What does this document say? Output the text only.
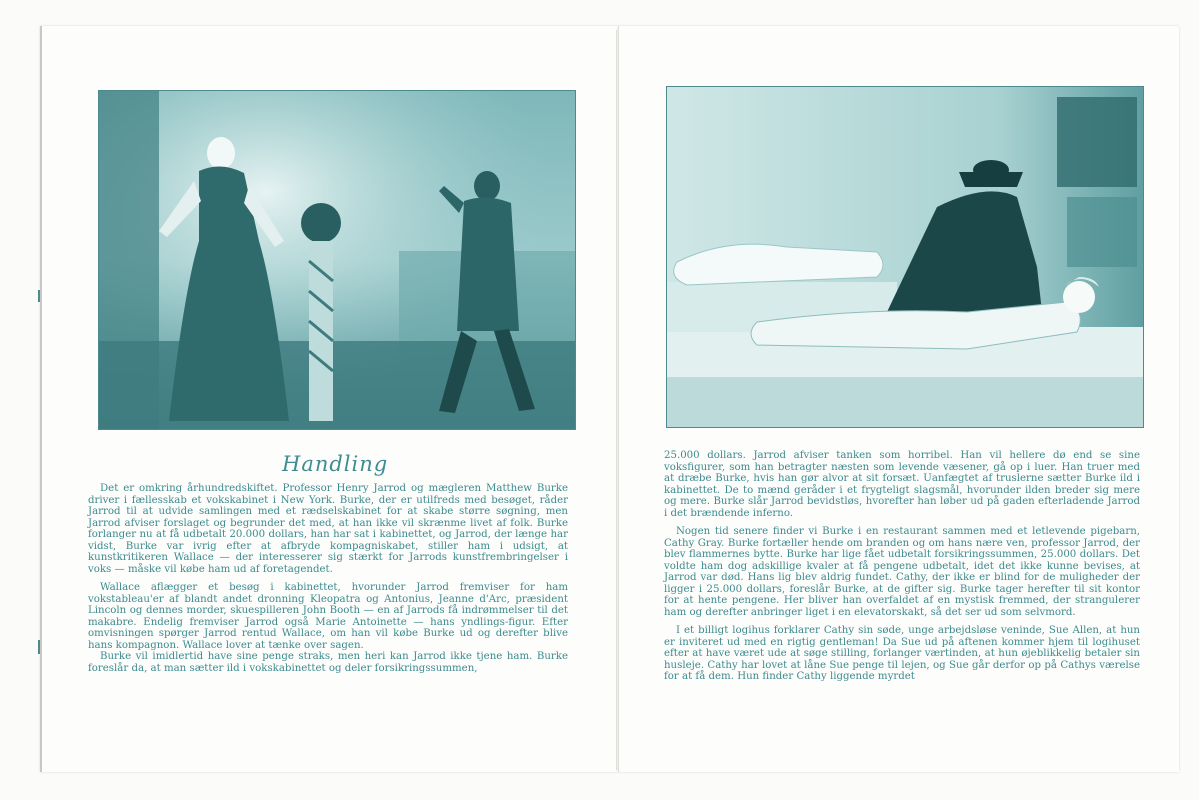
Handling

Det er omkring århundredskiftet. Professor Henry Jarrod og mægleren Matthew Burke driver i fællesskab et vokskabinet i New York. Burke, der er utilfreds med besøget, råder Jarrod til at udvide samlingen med et rædselskabinet for at skabe større søgning, men Jarrod afviser forslaget og begrunder det med, at han ikke vil skrænme livet af folk. Burke forlanger nu at få udbetalt 20.000 dollars, han har sat i kabinettet, og Jarrod, der længe har vidst, Burke var ivrig efter at afbryde kompagniskabet, stiller ham i udsigt, at kunstkritikeren Wallace — der interesserer sig stærkt for Jarrods kunstfrembringelser i voks — måske vil købe ham ud af foretagendet.

Wallace aflægger et besøg i kabinettet, hvorunder Jarrod fremviser for ham vokstableau'er af blandt andet dronning Kleopatra og Antonius, Jeanne d'Arc, præsident Lincoln og dennes morder, skuespilleren John Booth — en af Jarrods få indrømmelser til det makabre. Endelig fremviser Jarrod også Marie Antoinette — hans yndlings-figur. Efter omvisningen spørger Jarrod rentud Wallace, om han vil købe Burke ud og derefter blive hans kompagnon. Wallace lover at tænke over sagen.

Burke vil imidlertid have sine penge straks, men heri kan Jarrod ikke tjene ham. Burke foreslår da, at man sætter ild i vokskabinettet og deler forsikringssummen,

25.000 dollars. Jarrod afviser tanken som horribel. Han vil hellere dø end se sine voksfigurer, som han betragter næsten som levende væsener, gå op i luer. Han truer med at dræbe Burke, hvis han gør alvor at sit forsæt. Uanfægtet af truslerne sætter Burke ild i kabinettet. De to mænd geråder i et frygteligt slagsmål, hvorunder ilden breder sig mere og mere. Burke slår Jarrod bevidstløs, hvorefter han løber ud på gaden efterladende Jarrod i det brændende inferno.

Nogen tid senere finder vi Burke i en restaurant sammen med et letlevende pigebarn, Cathy Gray. Burke fortæller hende om branden og om hans nære ven, professor Jarrod, der blev flammernes bytte. Burke har lige fået udbetalt forsikringssummen, 25.000 dollars. Det voldte ham dog adskillige kvaler at få pengene udbetalt, idet det ikke kunne bevises, at Jarrod var død. Hans lig blev aldrig fundet. Cathy, der ikke er blind for de muligheder der ligger i 25.000 dollars, foreslår Burke, at de gifter sig. Burke tager herefter til sit kontor for at hente pengene. Her bliver han overfaldet af en mystisk fremmed, der strangulerer ham og derefter anbringer liget i en elevatorskakt, så det ser ud som selvmord.

I et billigt logihus forklarer Cathy sin søde, unge arbejdsløse veninde, Sue Allen, at hun er inviteret ud med en rigtig gentleman! Da Sue ud på aftenen kommer hjem til logihuset efter at have været ude at søge stilling, forlanger værtinden, at hun øjeblikkelig betaler sin husleje. Cathy har lovet at låne Sue penge til lejen, og Sue går derfor op på Cathys værelse for at få dem. Hun finder Cathy liggende myrdet
